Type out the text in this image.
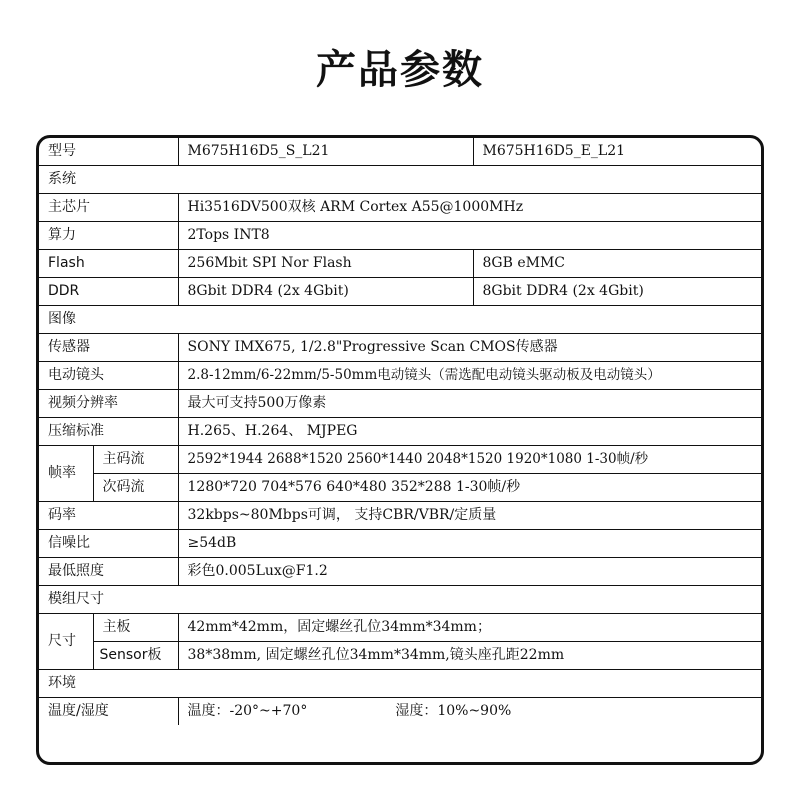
产品参数
型号		M675H16D5_S_L21	M675H16D5_E_L21
系统			
主芯片		Hi3516DV500双核 ARM Cortex A55@1000MHz	
算力		2Tops INT8	
Flash		256Mbit SPI Nor Flash	8GB eMMC
DDR		8Gbit DDR4 (2x 4Gbit)	8Gbit DDR4 (2x 4Gbit)
图像			
传感器		SONY IMX675, 1/2.8"Progressive Scan CMOS传感器	
电动镜头		2.8-12mm/6-22mm/5-50mm电动镜头（需选配电动镜头驱动板及电动镜头）	
视频分辨率		最大可支持500万像素	
压缩标准		H.265、H.264、 MJPEG	
帧率	主码流	2592*1944 2688*1520 2560*1440 2048*1520 1920*1080 1-30帧/秒	
	次码流	1280*720 704*576 640*480 352*288 1-30帧/秒	
码率		32kbps~80Mbps可调， 支持CBR/VBR/定质量	
信噪比		≥54dB	
最低照度		彩色0.005Lux@F1.2	
模组尺寸			
尺寸	主板	42mm*42mm，固定螺丝孔位34mm*34mm；	
	Sensor板	38*38mm, 固定螺丝孔位34mm*34mm,镜头座孔距22mm	
环境			
温度/湿度		温度：-20°~+70° 湿度：10%~90%	
